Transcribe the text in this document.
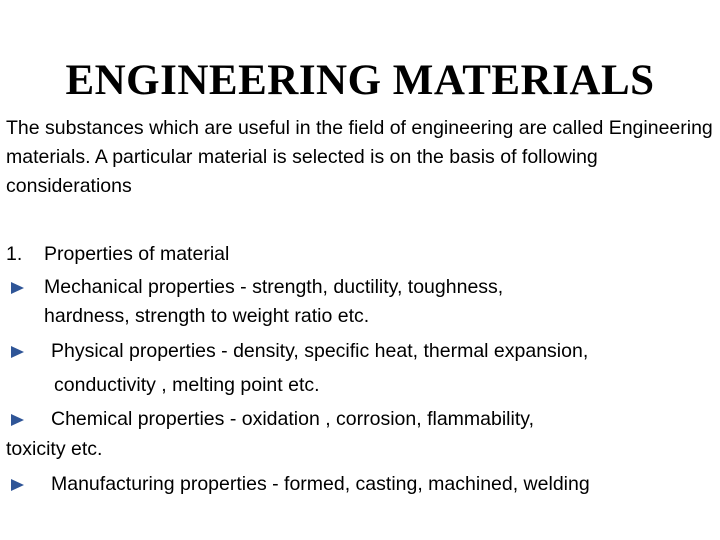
ENGINEERING MATERIALS

The substances which are useful in the field of engineering are called Engineering materials. A particular material is selected is on the basis of following considerations

1. Properties of material
Mechanical properties - strength, ductility, toughness,
hardness, strength to weight ratio etc.
Physical properties - density, specific heat, thermal expansion,
conductivity , melting point etc.
Chemical properties - oxidation , corrosion, flammability,
toxicity etc.
Manufacturing properties - formed, casting, machined, welding
